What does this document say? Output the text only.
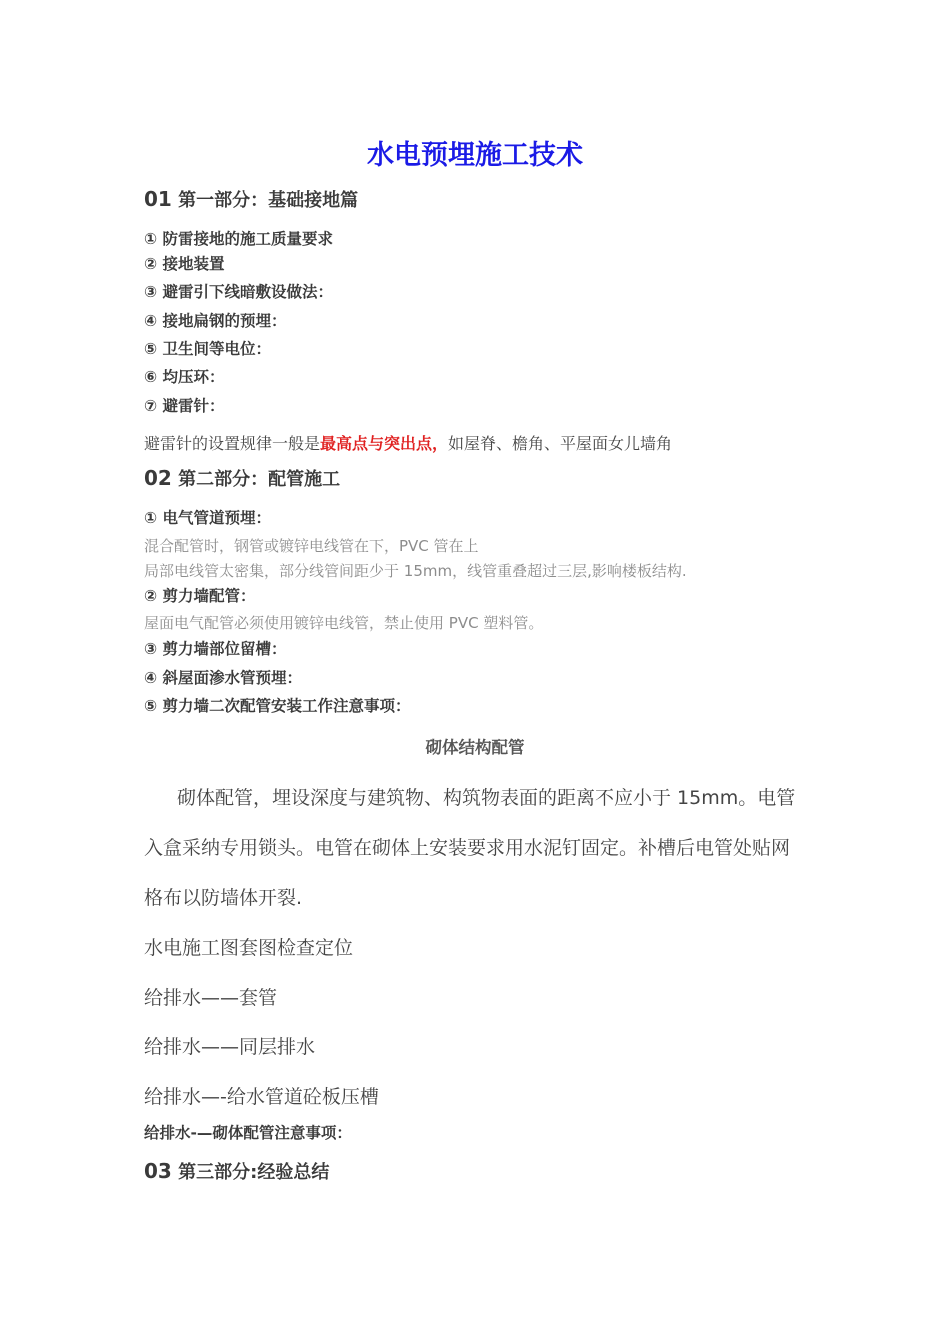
水电预埋施工技术
01 第一部分：基础接地篇
① 防雷接地的施工质量要求
② 接地装置
③ 避雷引下线暗敷设做法：
④ 接地扁钢的预埋：
⑤ 卫生间等电位：
⑥ 均压环：
⑦ 避雷针：
避雷针的设置规律一般是最高点与突出点，如屋脊、檐角、平屋面女儿墙角
02 第二部分：配管施工
① 电气管道预埋：
混合配管时，钢管或镀锌电线管在下，PVC 管在上
局部电线管太密集，部分线管间距少于 15mm，线管重叠超过三层,影响楼板结构.
② 剪力墙配管：
屋面电气配管必须使用镀锌电线管，禁止使用 PVC 塑料管。
③ 剪力墙部位留槽：
④ 斜屋面渗水管预埋：
⑤ 剪力墙二次配管安装工作注意事项：
砌体结构配管
砌体配管，埋设深度与建筑物、构筑物表面的距离不应小于 15mm。电管
入盒采纳专用锁头。电管在砌体上安装要求用水泥钉固定。补槽后电管处贴网
格布以防墙体开裂.
水电施工图套图检查定位
给排水——套管
给排水——同层排水
给排水—-给水管道砼板压槽
给排水-—砌体配管注意事项：
03 第三部分:经验总结
